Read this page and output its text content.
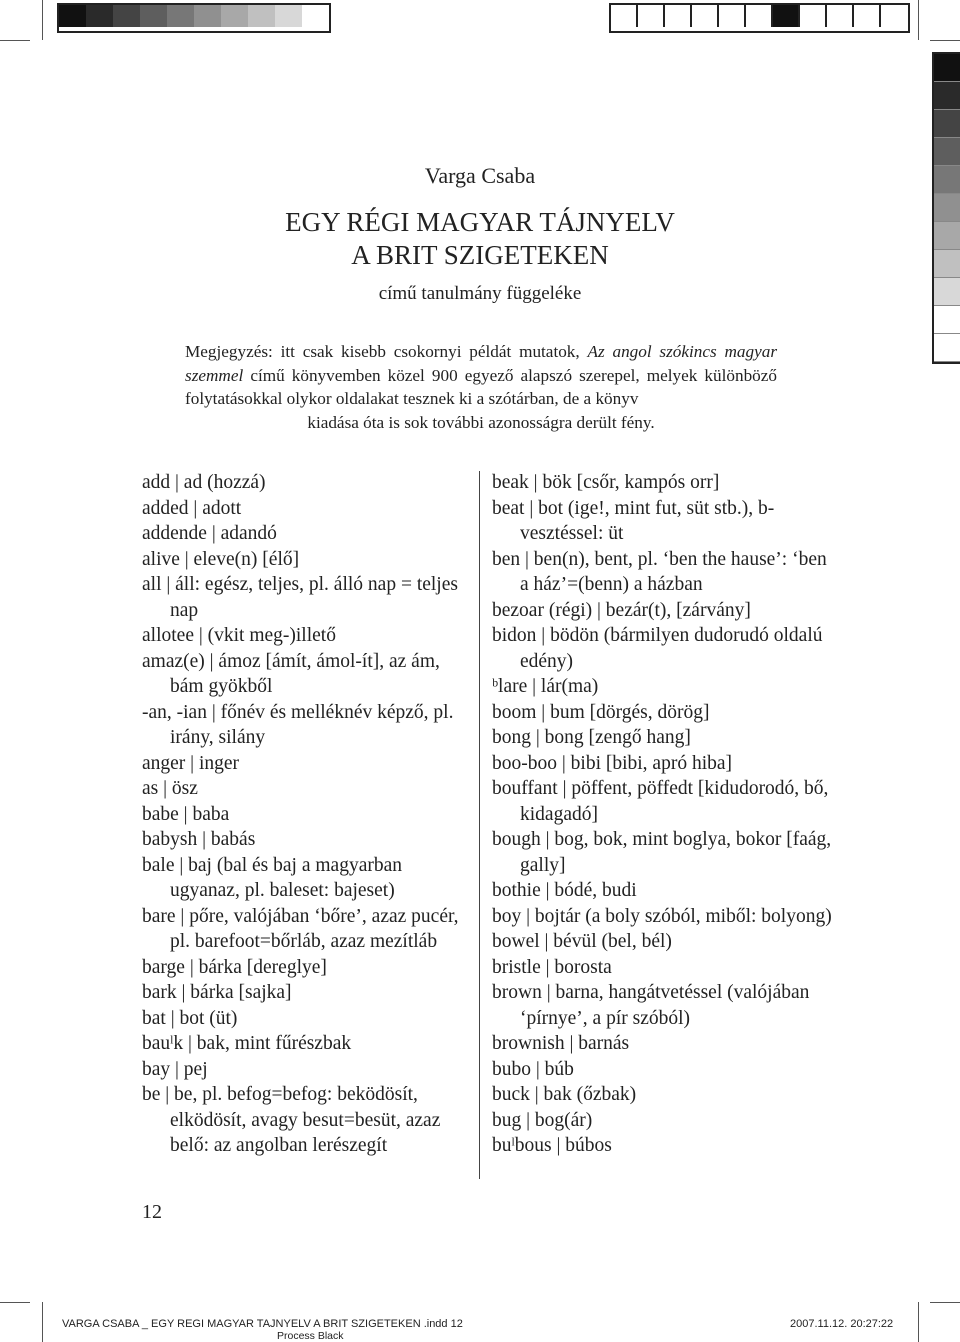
Varga Csaba
EGY RÉGI MAGYAR TÁJNYELV
A BRIT SZIGETEKEN
című tanulmány függeléke

Megjegyzés: itt csak kisebb csokornyi példát mutatok, Az angol szókincs magyar szemmel című könyvemben közel 900 egyező alapszó szerepel, melyek különböző folytatásokkal olykor oldalakat tesznek ki a szótárban, de a könyv

kiadása óta is sok további azonosságra derült fény.

add | ad (hozzá)
added | adott
addende | adandó
alive | eleve(n) [élő]
all | áll: egész, teljes, pl. álló nap = teljes nap
allotee | (vkit meg-)illető
amaz(e) | ámoz [ámít, ámol-ít], az ám, bám gyökből
-an, -ian | főnév és melléknév képző, pl. irány, silány
anger | inger
as | ösz
babe | baba
babysh | babás
bale | baj (bal és baj a magyarban ugyanaz, pl. baleset: bajeset)
bare | pőre, valójában ‘bőre’, azaz pucér, pl. barefoot=bőrláb, azaz mezítláb
barge | bárka [dereglye]
bark | bárka [sajka]
bat | bot (üt)
bauˡk | bak, mint fűrészbak
bay | pej
be | be, pl. befog=befog: beködösít, elködösít, avagy besut=besüt, azaz belő: az angolban lerészegít
beak | bök [csőr, kampós orr]
beat | bot (ige!, mint fut, süt stb.), b-vesztéssel: üt
ben | ben(n), bent, pl. ‘ben the hause’: ‘ben a ház’=(benn) a házban
bezoar (régi) | bezár(t), [zárvány]
bidon | bödön (bármilyen dudorudó oldalú edény)
ᵇlare | lár(ma)
boom | bum [dörgés, dörög]
bong | bong [zengő hang]
boo-boo | bibi [bibi, apró hiba]
bouffant | pöffent, pöffedt [kidudorodó, bő, kidagadó]
bough | bog, bok, mint boglya, bokor [faág, gally]
bothie | bódé, budi
boy | bojtár (a boly szóból, miből: bolyong)
bowel | bévül (bel, bél)
bristle | borosta
brown | barna, hangátvetéssel (valójában ‘pírnye’, a pír szóból)
brownish | barnás
bubo | búb
buck | bak (őzbak)
bug | bog(ár)
buˡbous | búbos
12
VARGA CSABA _ EGY REGI MAGYAR TAJNYELV A BRIT SZIGETEKEN .indd 12	2007.11.12. 20:27:22
Process Black
